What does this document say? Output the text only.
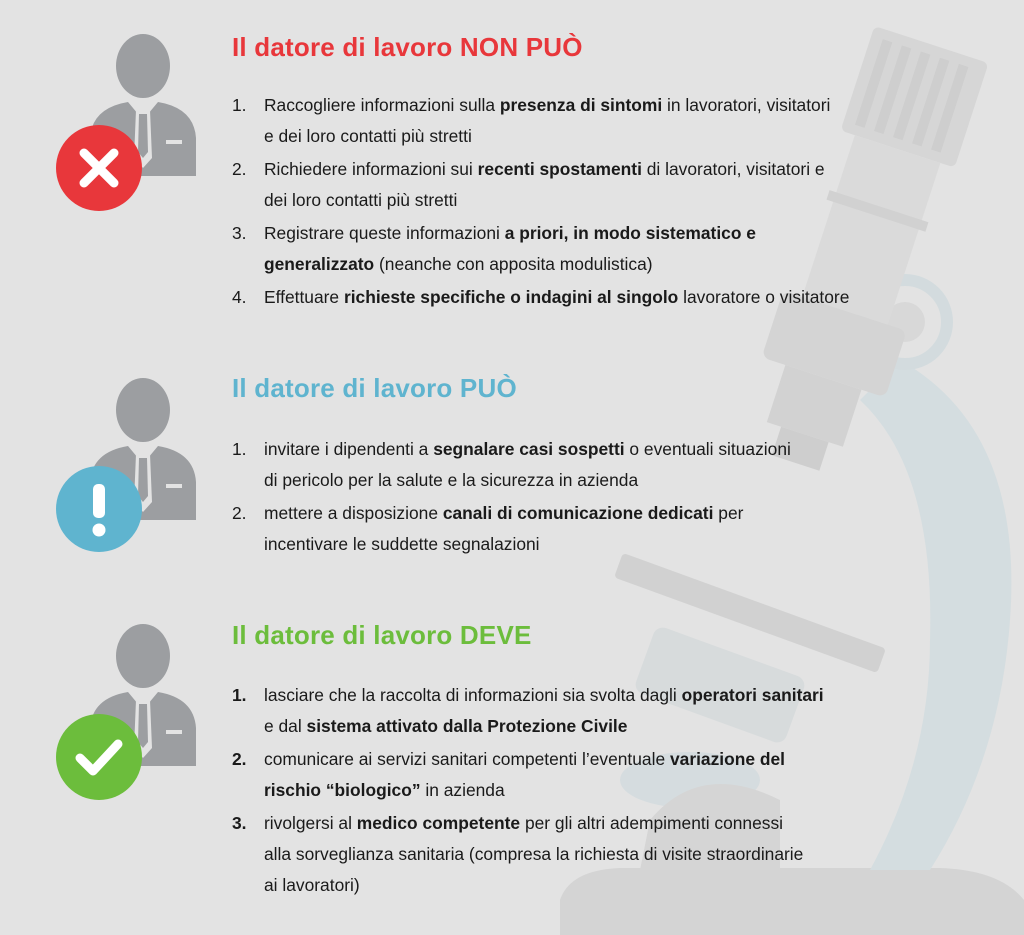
Il datore di lavoro NON PUÒ
1. Raccogliere informazioni sulla presenza di sintomi in lavoratori, visitatori
e dei loro contatti più stretti
2. Richiedere informazioni sui recenti spostamenti di lavoratori, visitatori e
dei loro contatti più stretti
3. Registrare queste informazioni a priori, in modo sistematico e
generalizzato (neanche con apposita modulistica)
4. Effettuare richieste specifiche o indagini al singolo lavoratore o visitatore
Il datore di lavoro PUÒ
1. invitare i dipendenti a segnalare casi sospetti o eventuali situazioni
di pericolo per la salute e la sicurezza in azienda
2. mettere a disposizione canali di comunicazione dedicati per
incentivare le suddette segnalazioni
Il datore di lavoro DEVE
1. lasciare che la raccolta di informazioni sia svolta dagli operatori sanitari
e dal sistema attivato dalla Protezione Civile
2. comunicare ai servizi sanitari competenti l’eventuale variazione del
rischio “biologico” in azienda
3. rivolgersi al medico competente per gli altri adempimenti connessi
alla sorveglianza sanitaria (compresa la richiesta di visite straordinarie
ai lavoratori)
